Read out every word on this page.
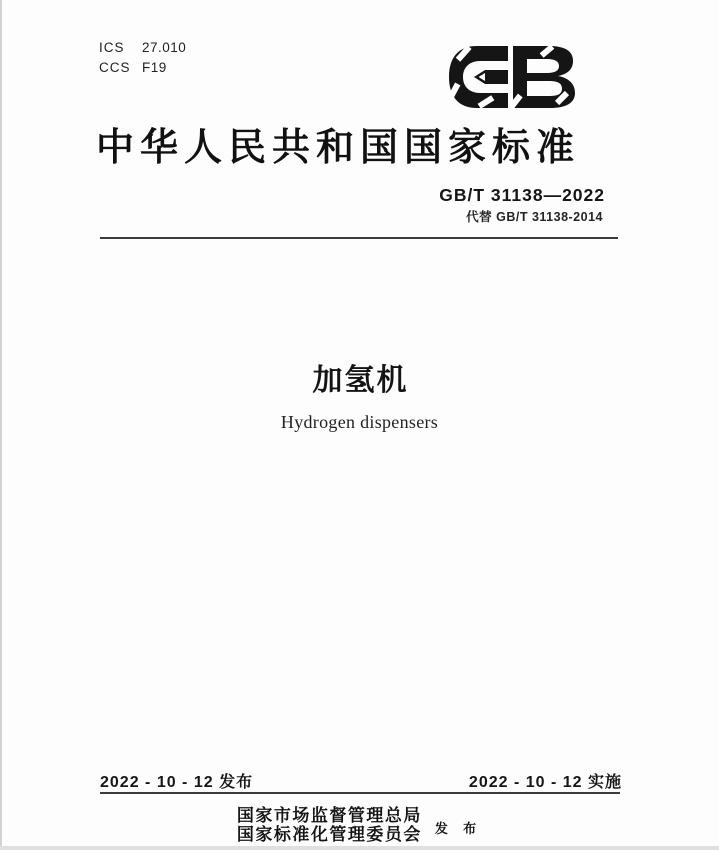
ICS	27.010
CCS F19
中华人民共和国国家标准
GB/T 31138—2022
代替 GB/T 31138-2014
加氢机
Hydrogen dispensers
2022 - 10 - 12 发布	2022 - 10 - 12 实施
国家市场监督管理总局
国家标准化管理委员会 发 布
